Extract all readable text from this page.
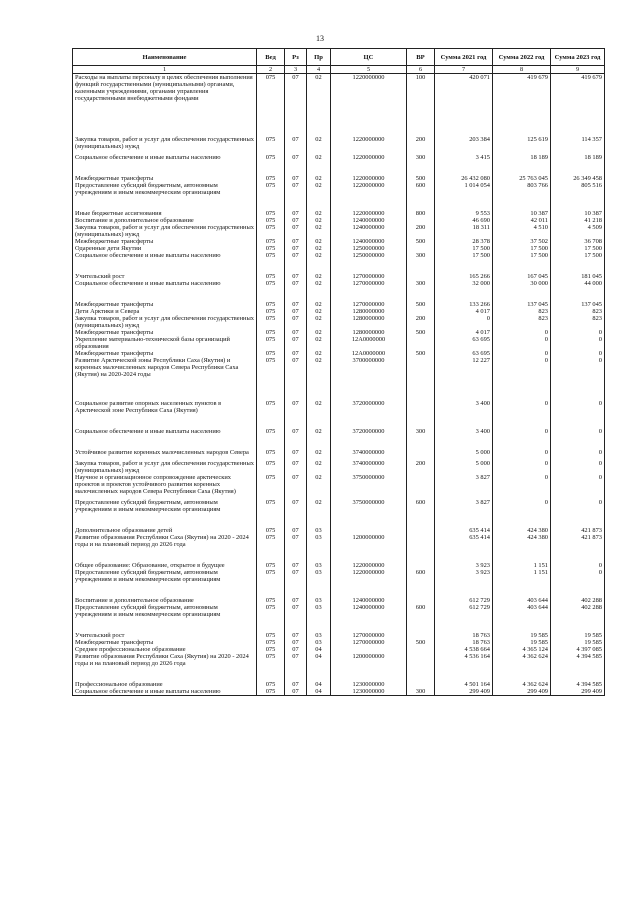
13
Наименование	Вед	Рз	Пр	ЦС	ВР	Сумма 2021 год	Сумма 2022 год	Сумма 2023 год
1	2	3	4	5	6	7	8	9
Расходы на выплаты персоналу в целях обеспечения выполнения функций государственными (муниципальными) органами, казенными учреждениями, органами управления государственными внебюджетными фондами	075	07	02	1220000000	100	420 071	419 679	419 679

Закупка товаров, работ и услуг для обеспечения государственных (муниципальных) нужд	075	07	02	1220000000	200	203 384	125 619	114 357

Социальное обеспечение и иные выплаты населению	075	07	02	1220000000	300	3 415	18 189	18 189

Межбюджетные трансферты	075	07	02	1220000000	500	26 432 080	25 763 045	26 349 458
Предоставление субсидий бюджетным, автономным учреждениям и иным некоммерческим организациям	075	07	02	1220000000	600	1 014 054	803 766	805 516

Иные бюджетные ассигнования	075	07	02	1220000000	800	9 553	10 387	10 387
Воспитание и дополнительное образование	075	07	02	1240000000		46 690	42 011	41 218
Закупка товаров, работ и услуг для обеспечения государственных (муниципальных) нужд	075	07	02	1240000000	200	18 311	4 510	4 509
Межбюджетные трансферты	075	07	02	1240000000	500	28 378	37 502	36 708
Одаренные дети Якутии	075	07	02	1250000000		17 500	17 500	17 500
Социальное обеспечение и иные выплаты населению	075	07	02	1250000000	300	17 500	17 500	17 500

Учительский рост	075	07	02	1270000000		165 266	167 045	181 045
Социальное обеспечение и иные выплаты населению	075	07	02	1270000000	300	32 000	30 000	44 000

Межбюджетные трансферты	075	07	02	1270000000	500	133 266	137 045	137 045
Дети Арктики и Севера	075	07	02	1280000000		4 017	823	823
Закупка товаров, работ и услуг для обеспечения государственных (муниципальных) нужд	075	07	02	1280000000	200	0	823	823
Межбюджетные трансферты	075	07	02	1280000000	500	4 017	0	0
Укрепление материально-технической базы организаций образования	075	07	02	12А0000000		63 695	0	0
Межбюджетные трансферты	075	07	02	12А0000000	500	63 695	0	0
Развитие Арктической зоны Республики Саха (Якутия) и коренных малочисленных народов Севера Республики Саха (Якутия) на 2020-2024 годы	075	07	02	3700000000		12 227	0	0

Социальное развитие опорных населенных пунктов в Арктической зоне Республики Саха (Якутия)	075	07	02	3720000000		3 400	0	0

Социальное обеспечение и иные выплаты населению	075	07	02	3720000000	300	3 400	0	0

Устойчивое развитие коренных малочисленных народов Севера	075	07	02	3740000000		5 000	0	0

Закупка товаров, работ и услуг для обеспечения государственных (муниципальных) нужд	075	07	02	3740000000	200	5 000	0	0
Научное и организационное сопровождение арктических проектов и проектов устойчивого развития коренных малочисленных народов Севера Республики Саха (Якутия)	075	07	02	3750000000		3 827	0	0

Предоставление субсидий бюджетным, автономным учреждениям и иным некоммерческим организациям	075	07	02	3750000000	600	3 827	0	0

Дополнительное образование детей	075	07	03			635 414	424 380	421 873
Развитие образования Республики Саха (Якутия) на 2020 - 2024 годы и на плановый период до 2026 года	075	07	03	1200000000		635 414	424 380	421 873

Общее образование: Образование, открытое в будущее	075	07	03	1220000000		3 923	1 151	0
Предоставление субсидий бюджетным, автономным учреждениям и иным некоммерческим организациям	075	07	03	1220000000	600	3 923	1 151	0

Воспитание и дополнительное образование	075	07	03	1240000000		612 729	403 644	402 288
Предоставление субсидий бюджетным, автономным учреждениям и иным некоммерческим организациям	075	07	03	1240000000	600	612 729	403 644	402 288

Учительский рост	075	07	03	1270000000		18 763	19 585	19 585
Межбюджетные трансферты	075	07	03	1270000000	500	18 763	19 585	19 585
Среднее профессиональное образование	075	07	04			4 538 664	4 365 124	4 397 085
Развитие образования Республики Саха (Якутия) на 2020 - 2024 годы и на плановый период до 2026 года	075	07	04	1200000000		4 536 164	4 362 624	4 394 585

Профессиональное образование	075	07	04	1230000000		4 501 164	4 362 624	4 394 585
Социальное обеспечение и иные выплаты населению	075	07	04	1230000000	300	299 409	299 409	299 409
